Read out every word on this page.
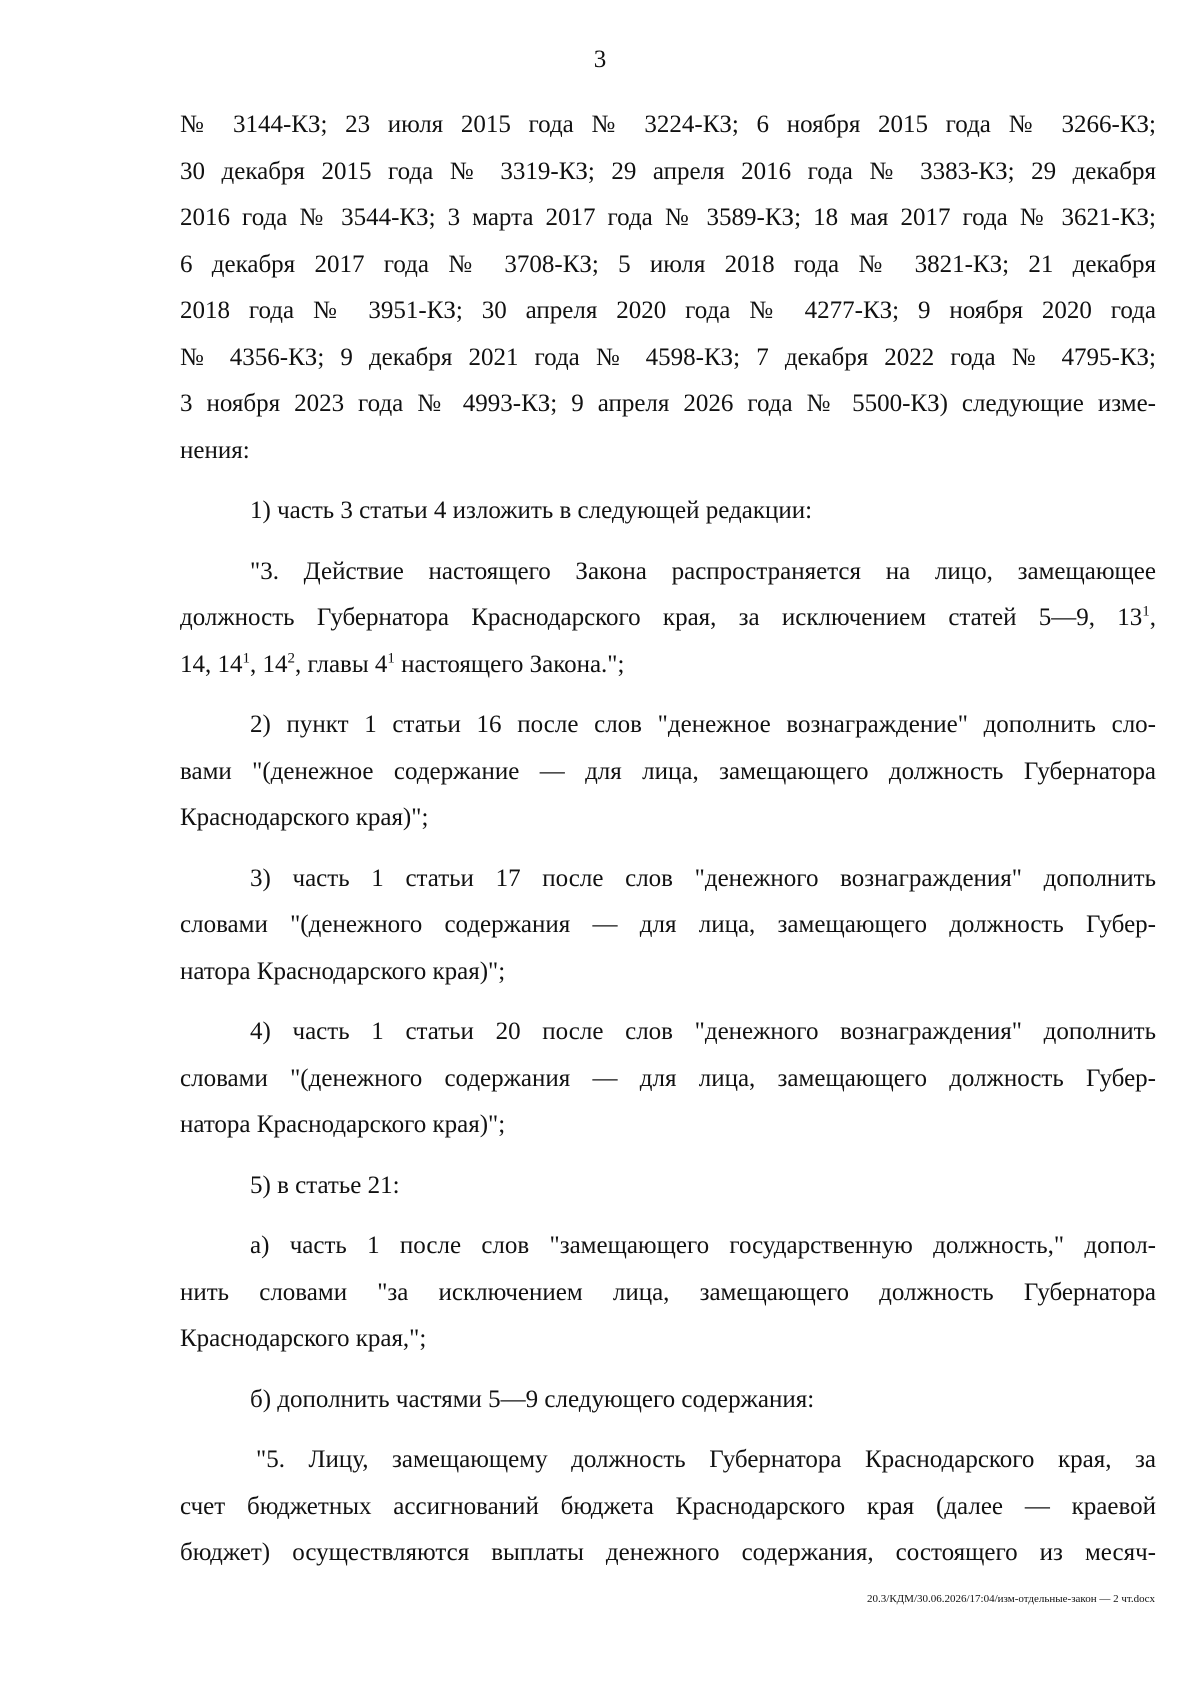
3
№ 3144-КЗ; 23 июля 2015 года № 3224-КЗ; 6 ноября 2015 года № 3266-КЗ;
30 декабря 2015 года № 3319-КЗ; 29 апреля 2016 года № 3383-КЗ; 29 декабря
2016 года № 3544-КЗ; 3 марта 2017 года № 3589-КЗ; 18 мая 2017 года № 3621-КЗ;
6 декабря 2017 года № 3708-КЗ; 5 июля 2018 года № 3821-КЗ; 21 декабря
2018 года № 3951-КЗ; 30 апреля 2020 года № 4277-КЗ; 9 ноября 2020 года
№ 4356-КЗ; 9 декабря 2021 года № 4598-КЗ; 7 декабря 2022 года № 4795-КЗ;
3 ноября 2023 года № 4993-КЗ; 9 апреля 2026 года № 5500-КЗ) следующие изме-
нения:
1) часть 3 статьи 4 изложить в следующей редакции:
"3. Действие настоящего Закона распространяется на лицо, замещающее
должность Губернатора Краснодарского края, за исключением статей 5—9, $13^1$,
14, $14^1$, $14^2$, главы $4^1$ настоящего Закона.";
2) пункт 1 статьи 16 после слов "денежное вознаграждение" дополнить сло-
вами "(денежное содержание — для лица, замещающего должность Губернатора
Краснодарского края)";
3) часть 1 статьи 17 после слов "денежного вознаграждения" дополнить
словами "(денежного содержания — для лица, замещающего должность Губер-
натора Краснодарского края)";
4) часть 1 статьи 20 после слов "денежного вознаграждения" дополнить
словами "(денежного содержания — для лица, замещающего должность Губер-
натора Краснодарского края)";
5) в статье 21:
а) часть 1 после слов "замещающего государственную должность," допол-
нить словами "за исключением лица, замещающего должность Губернатора
Краснодарского края,";
б) дополнить частями 5—9 следующего содержания:
"5. Лицу, замещающему должность Губернатора Краснодарского края, за
счет бюджетных ассигнований бюджета Краснодарского края (далее — краевой
бюджет) осуществляются выплаты денежного содержания, состоящего из месяч-
20.3/КДМ/30.06.2026/17:04/изм-отдельные-закон — 2 чт.docx
